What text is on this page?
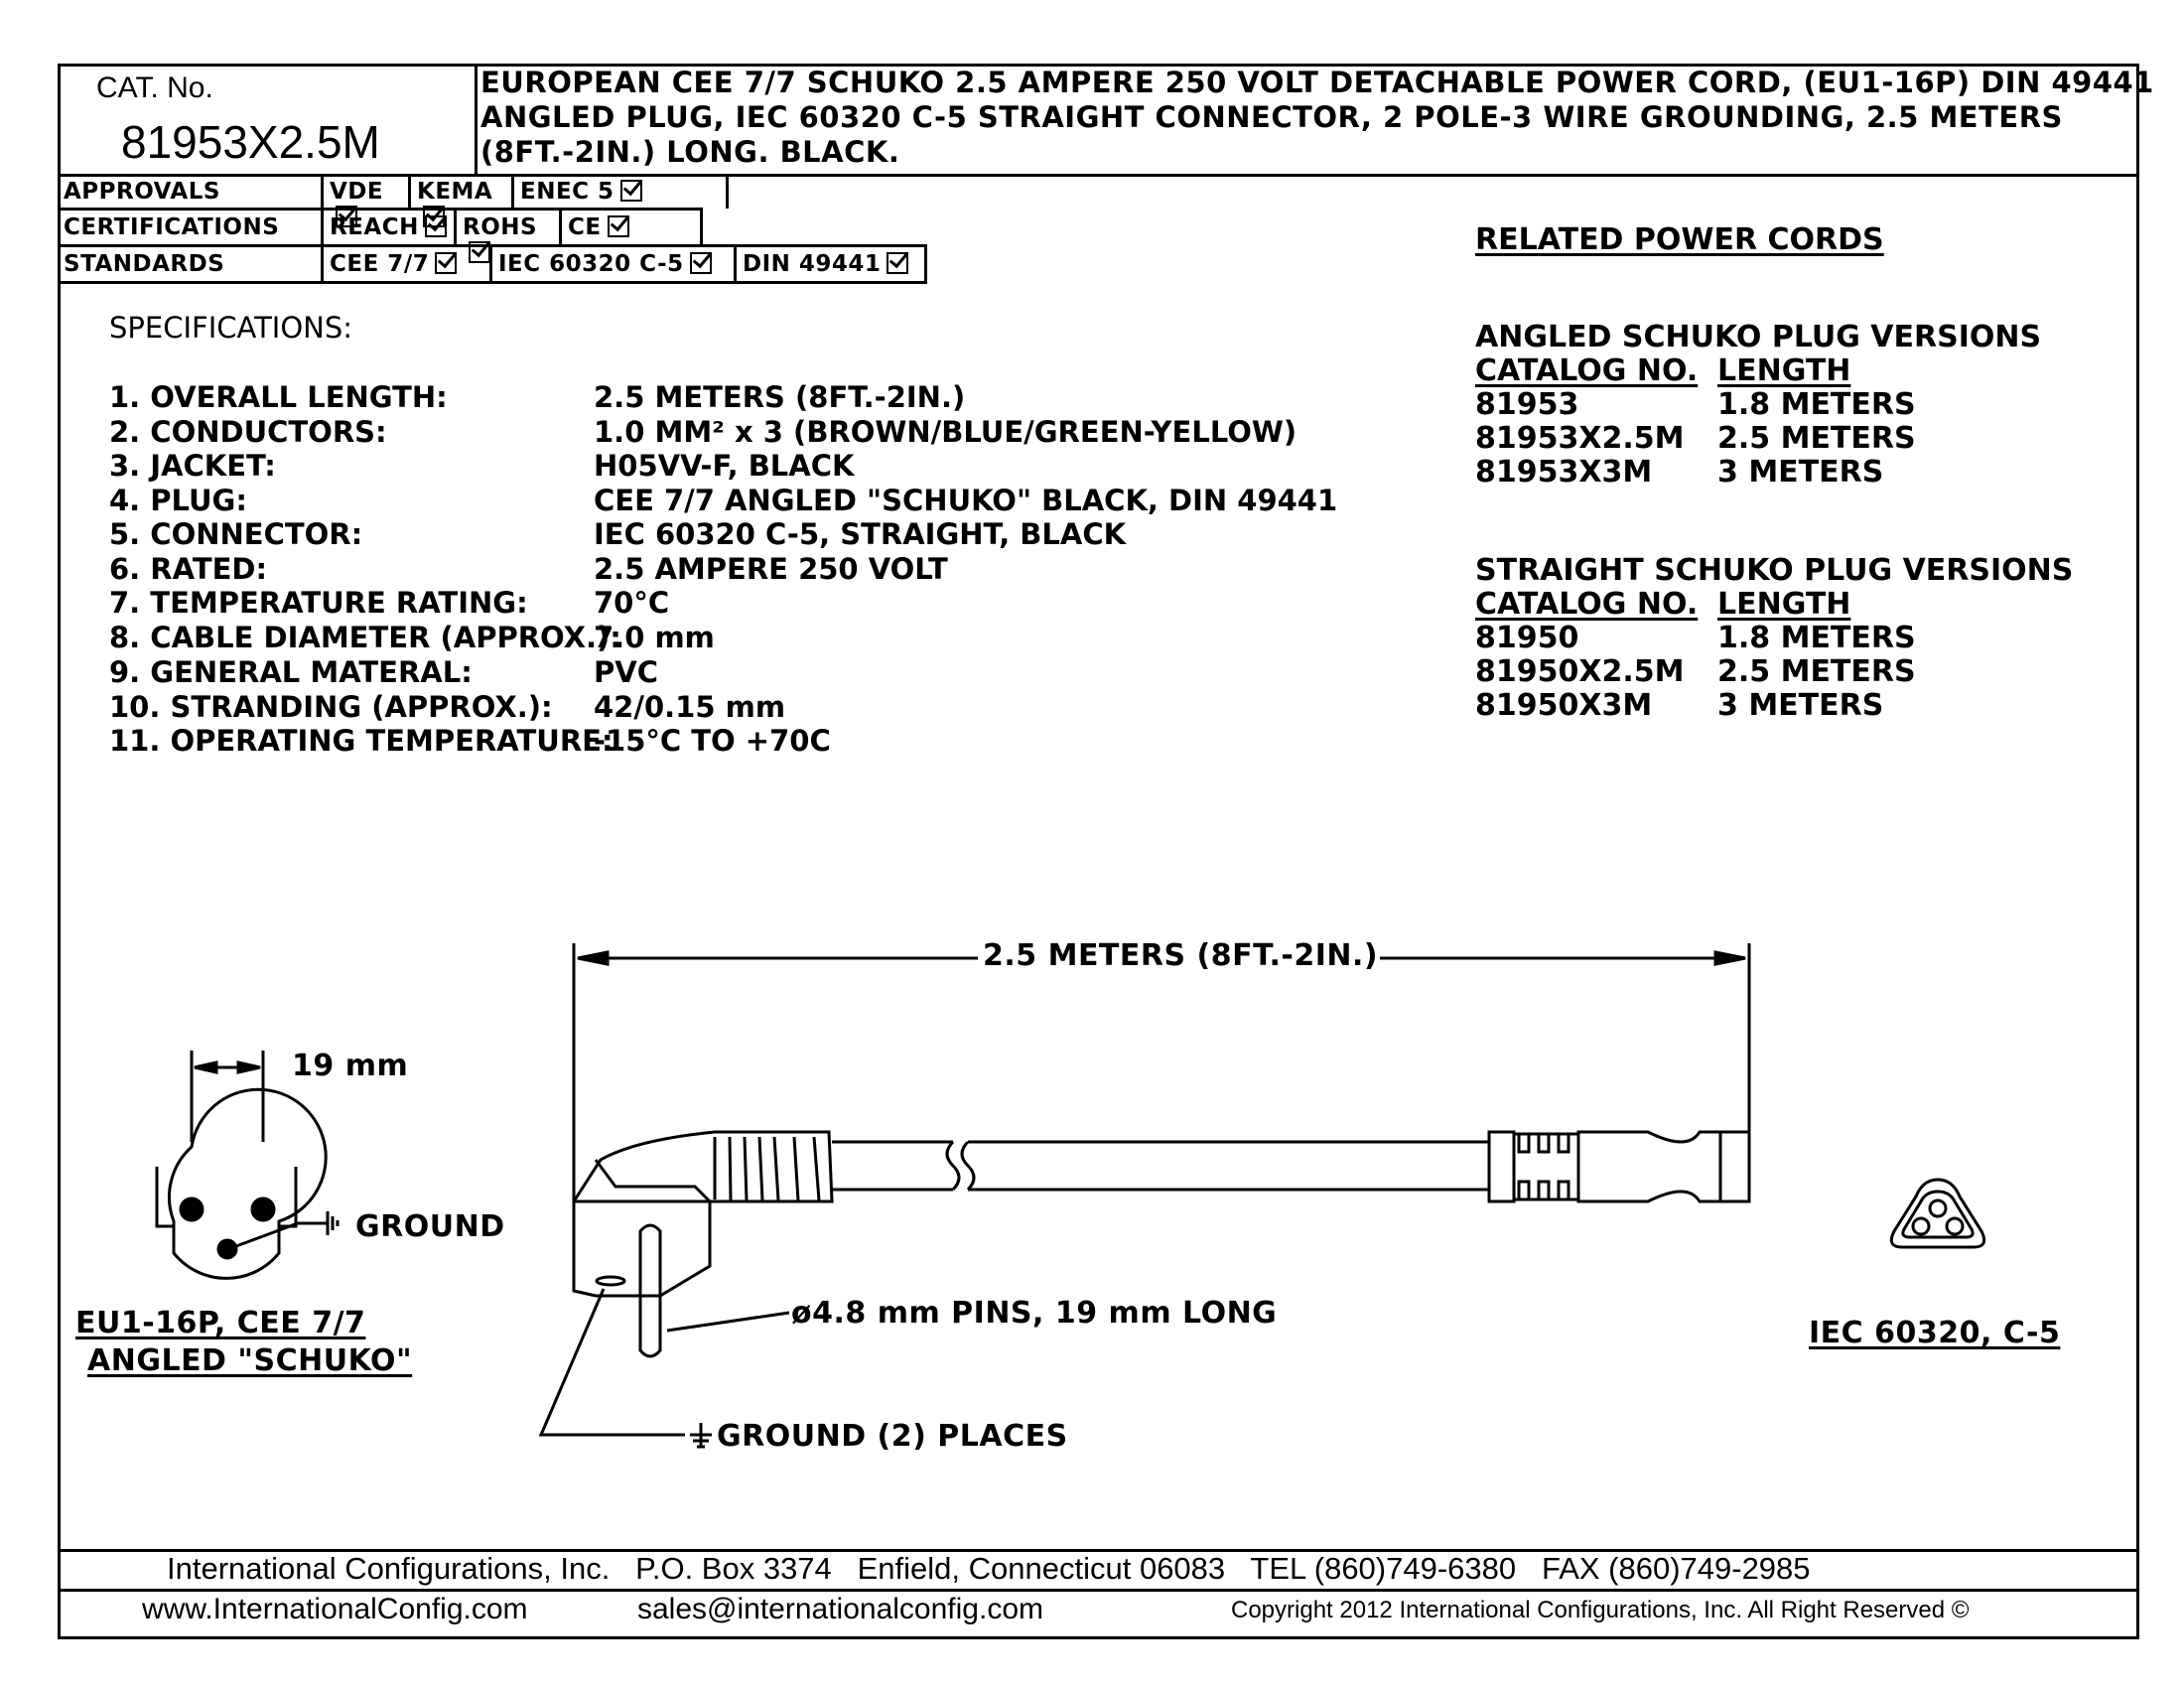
CAT. No.
81953X2.5M
EUROPEAN CEE 7/7 SCHUKO 2.5 AMPERE 250 VOLT DETACHABLE POWER CORD, (EU1-16P) DIN 49441
ANGLED PLUG, IEC 60320 C-5 STRAIGHT CONNECTOR, 2 POLE-3 WIRE GROUNDING, 2.5 METERS
(8FT.-2IN.) LONG. BLACK.
APPROVALS	VDE	KEMA	ENEC 5
CERTIFICATIONS	REACH	ROHS	CE
STANDARDS	CEE 7/7	IEC 60320 C-5	DIN 49441
SPECIFICATIONS:
1. OVERALL LENGTH:	2.5 METERS (8FT.-2IN.)
2. CONDUCTORS:	1.0 MM² x 3 (BROWN/BLUE/GREEN-YELLOW)
3. JACKET:	H05VV-F, BLACK
4. PLUG:	CEE 7/7 ANGLED "SCHUKO" BLACK, DIN 49441
5. CONNECTOR:	IEC 60320 C-5, STRAIGHT, BLACK
6. RATED:	2.5 AMPERE 250 VOLT
7. TEMPERATURE RATING: 70°C
8. CABLE DIAMETER (APPROX.):
7.0 mm
9. GENERAL MATERAL:	PVC
10. STRANDING (APPROX.): 42/0.15 mm
11. OPERATING TEMPERATURE:
-15°C TO +70C
RELATED POWER CORDS
ANGLED SCHUKO PLUG VERSIONS
CATALOG NO. LENGTH
81953	1.8 METERS
81953X2.5M 2.5 METERS
81953X3M 3 METERS
STRAIGHT SCHUKO PLUG VERSIONS
CATALOG NO. LENGTH
81950	1.8 METERS
81950X2.5M 2.5 METERS
81950X3M 3 METERS
2.5 METERS (8FT.-2IN.)
19 mm
GROUND
ø4.8 mm PINS, 19 mm LONG
GROUND (2) PLACES
EU1-16P, CEE 7/7
ANGLED "SCHUKO"
IEC 60320, C-5
International Configurations, Inc.   P.O. Box 3374   Enfield, Connecticut 06083   TEL (860)749-6380   FAX (860)749-2985
www.InternationalConfig.com	sales@internationalconfig.com	Copyright 2012 International Configurations, Inc. All Right Reserved ©
